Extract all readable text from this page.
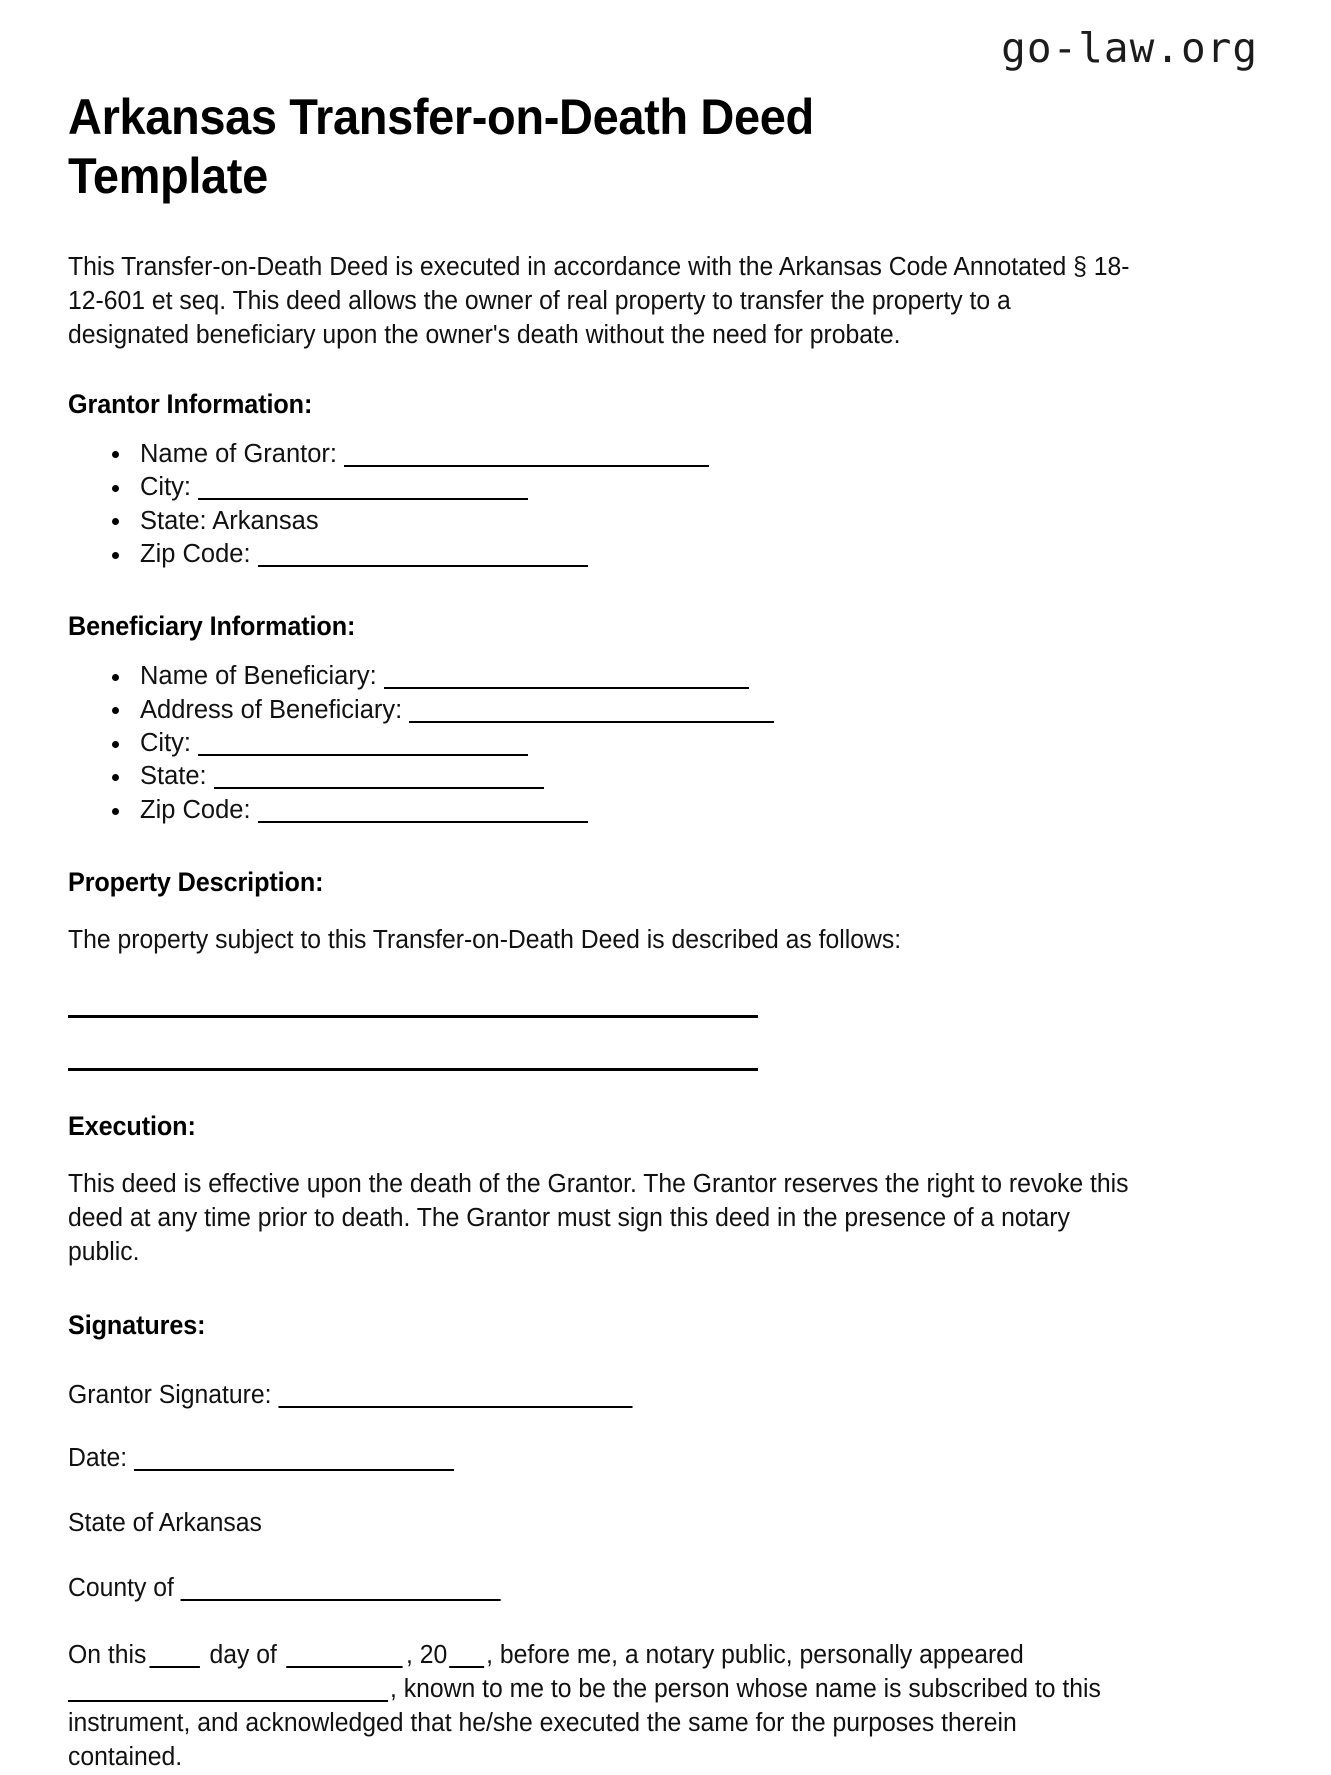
go-law.org
Arkansas Transfer-on-Death Deed Template

This Transfer-on-Death Deed is executed in accordance with the Arkansas Code Annotated § 18-12-601 et seq. This deed allows the owner of real property to transfer the property to a designated beneficiary upon the owner's death without the need for probate.

Grantor Information:
Name of Grantor:
City:
State: Arkansas
Zip Code:
Beneficiary Information:
Name of Beneficiary:
Address of Beneficiary:
City:
State:
Zip Code:
Property Description:

The property subject to this Transfer-on-Death Deed is described as follows:

Execution:

This deed is effective upon the death of the Grantor. The Grantor reserves the right to revoke this deed at any time prior to death. The Grantor must sign this deed in the presence of a notary public.

Signatures:
Grantor Signature:
Date:
State of Arkansas
County of

On this day of	, 20 , before me, a notary public, personally appeared , known to me to be the person whose name is subscribed to this instrument, and acknowledged that he/she executed the same for the purposes therein contained.
